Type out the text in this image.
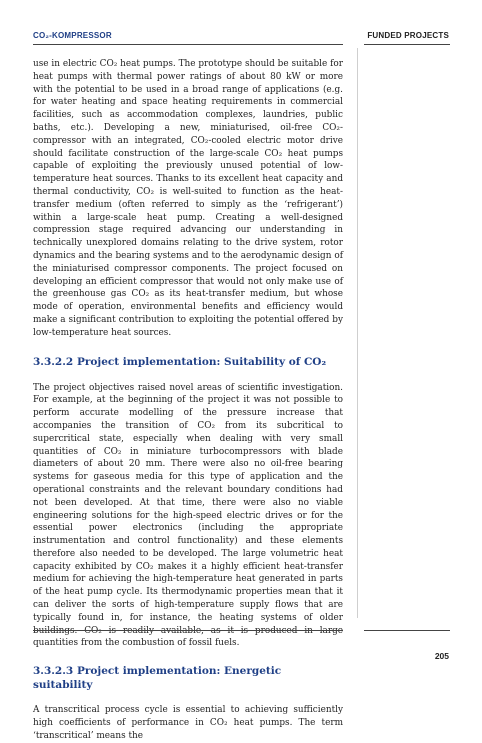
CO₂-KOMPRESSOR	FUNDED PROJECTS

use in electric CO₂ heat pumps. The prototype should be suitable for heat pumps with thermal power ratings of about 80 kW or more with the potential to be used in a broad range of applications (e.g. for water heating and space heating requirements in commercial facilities, such as accommodation complexes, laundries, public baths, etc.). Developing a new, miniaturised, oil-free CO₂-compressor with an integrated, CO₂-cooled electric motor drive should facilitate construction of the large-scale CO₂ heat pumps capable of exploiting the previously unused potential of low-temperature heat sources. Thanks to its excellent heat capacity and thermal conductivity, CO₂ is well-suited to function as the heat-transfer medium (often referred to simply as the ‘refrigerant’) within a large-scale heat pump. Creating a well-designed compression stage required advancing our understanding in technically unexplored domains relating to the drive system, rotor dynamics and the bearing systems and to the aerodynamic design of the miniaturised compressor components. The project focused on developing an efficient compressor that would not only make use of the greenhouse gas CO₂ as its heat-transfer medium, but whose mode of operation, environmental benefits and efficiency would make a significant contribution to exploiting the potential offered by low-temperature heat sources.

3.3.2.2 Project implementation: Suitability of CO₂

The project objectives raised novel areas of scientific investigation. For example, at the beginning of the project it was not possible to perform accurate modelling of the pressure increase that accompanies the transition of CO₂ from its subcritical to supercritical state, especially when dealing with very small quantities of CO₂ in miniature turbocompressors with blade diameters of about 20 mm. There were also no oil-free bearing systems for gaseous media for this type of application and the operational constraints and the relevant boundary conditions had not been developed. At that time, there were also no viable engineering solutions for the high-speed electric drives or for the essential power electronics (including the appropriate instrumentation and control functionality) and these elements therefore also needed to be developed. The large volumetric heat capacity exhibited by CO₂ makes it a highly efficient heat-transfer medium for achieving the high-temperature heat generated in parts of the heat pump cycle. Its thermodynamic properties mean that it can deliver the sorts of high-temperature supply flows that are typically found in, for instance, the heating systems of older buildings. CO₂ is readily available, as it is produced in large quantities from the combustion of fossil fuels.

3.3.2.3 Project implementation: Energetic suitability

A transcritical process cycle is essential to achieving sufficiently high coefficients of performance in CO₂ heat pumps. The term ‘transcritical’ means the

205
